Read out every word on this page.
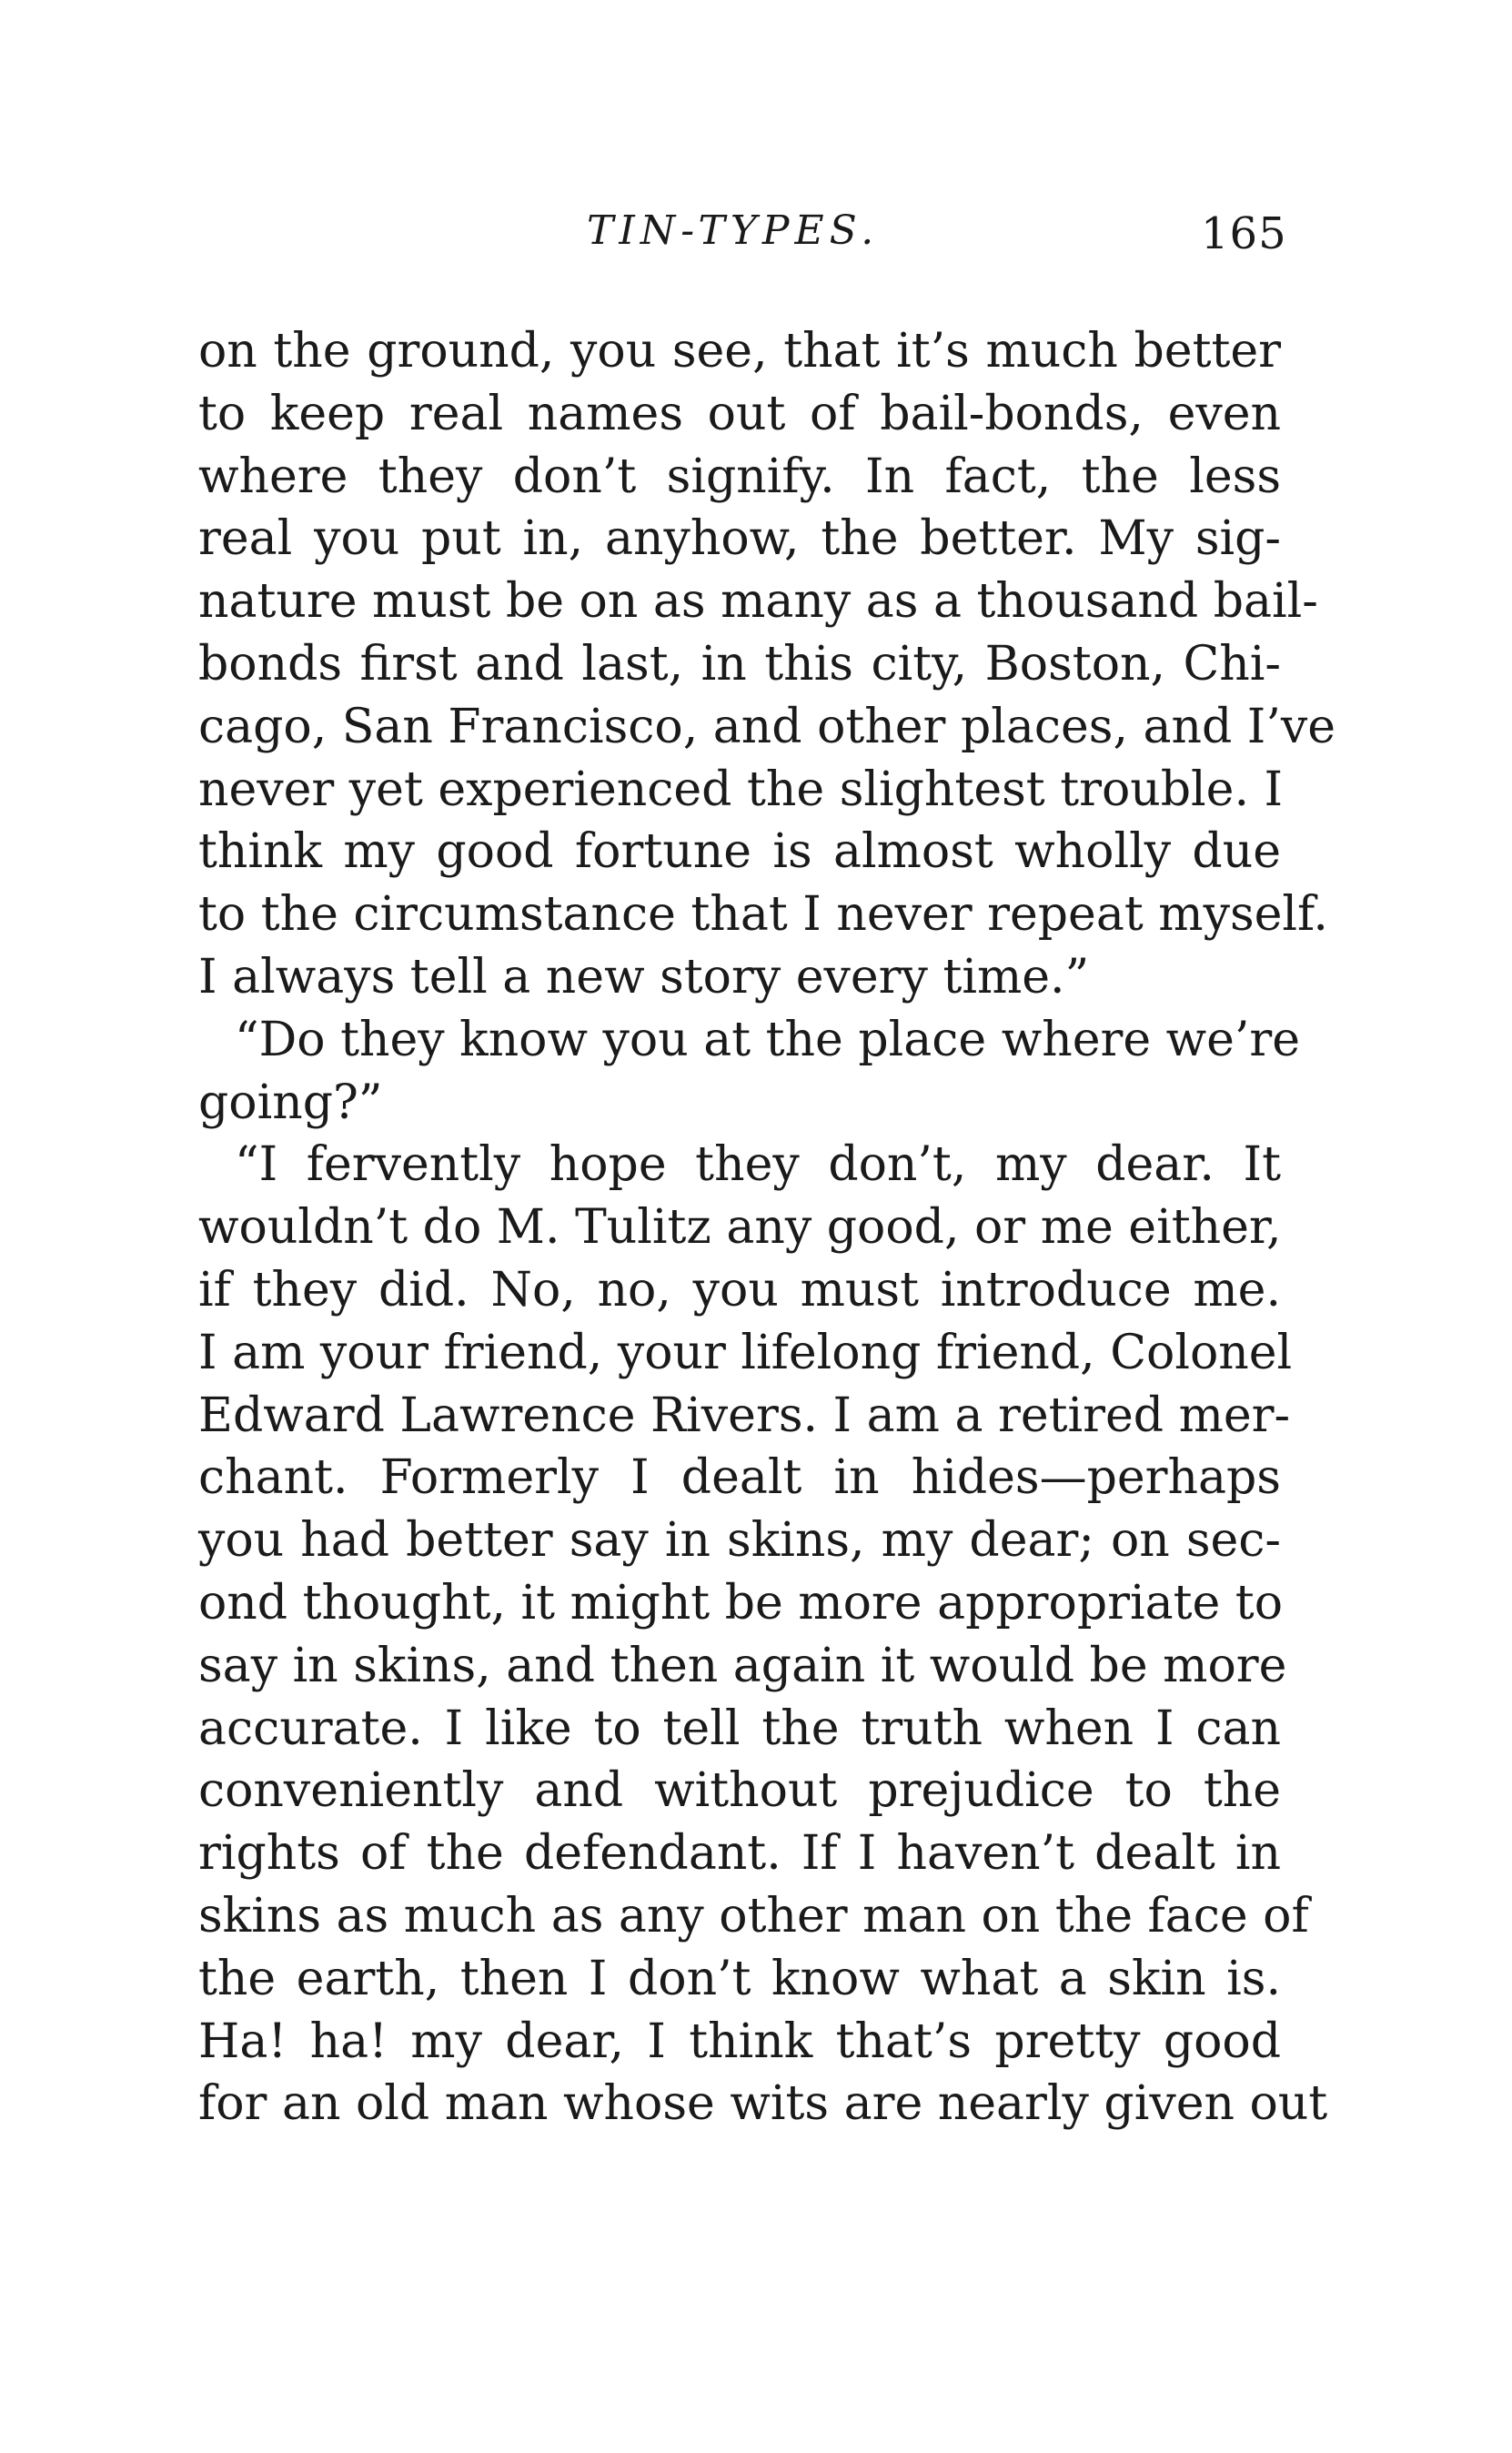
TIN-TYPES.	165
on the ground, you see, that it’s much better
to keep real names out of bail-bonds, even
where they don’t signify. In fact, the less
real you put in, anyhow, the better. My sig-
nature must be on as many as a thousand bail-
bonds first and last, in this city, Boston, Chi-
cago, San Francisco, and other places, and I’ve
never yet experienced the slightest trouble. I
think my good fortune is almost wholly due
to the circumstance that I never repeat myself.
I always tell a new story every time.”
“Do they know you at the place where we’re
going?”
“I fervently hope they don’t, my dear. It
wouldn’t do M. Tulitz any good, or me either,
if they did. No, no, you must introduce me.
I am your friend, your lifelong friend, Colonel
Edward Lawrence Rivers. I am a retired mer-
chant. Formerly I dealt in hides—perhaps
you had better say in skins, my dear; on sec-
ond thought, it might be more appropriate to
say in skins, and then again it would be more
accurate. I like to tell the truth when I can
conveniently and without prejudice to the
rights of the defendant. If I haven’t dealt in
skins as much as any other man on the face of
the earth, then I don’t know what a skin is.
Ha! ha! my dear, I think that’s pretty good
for an old man whose wits are nearly given out
